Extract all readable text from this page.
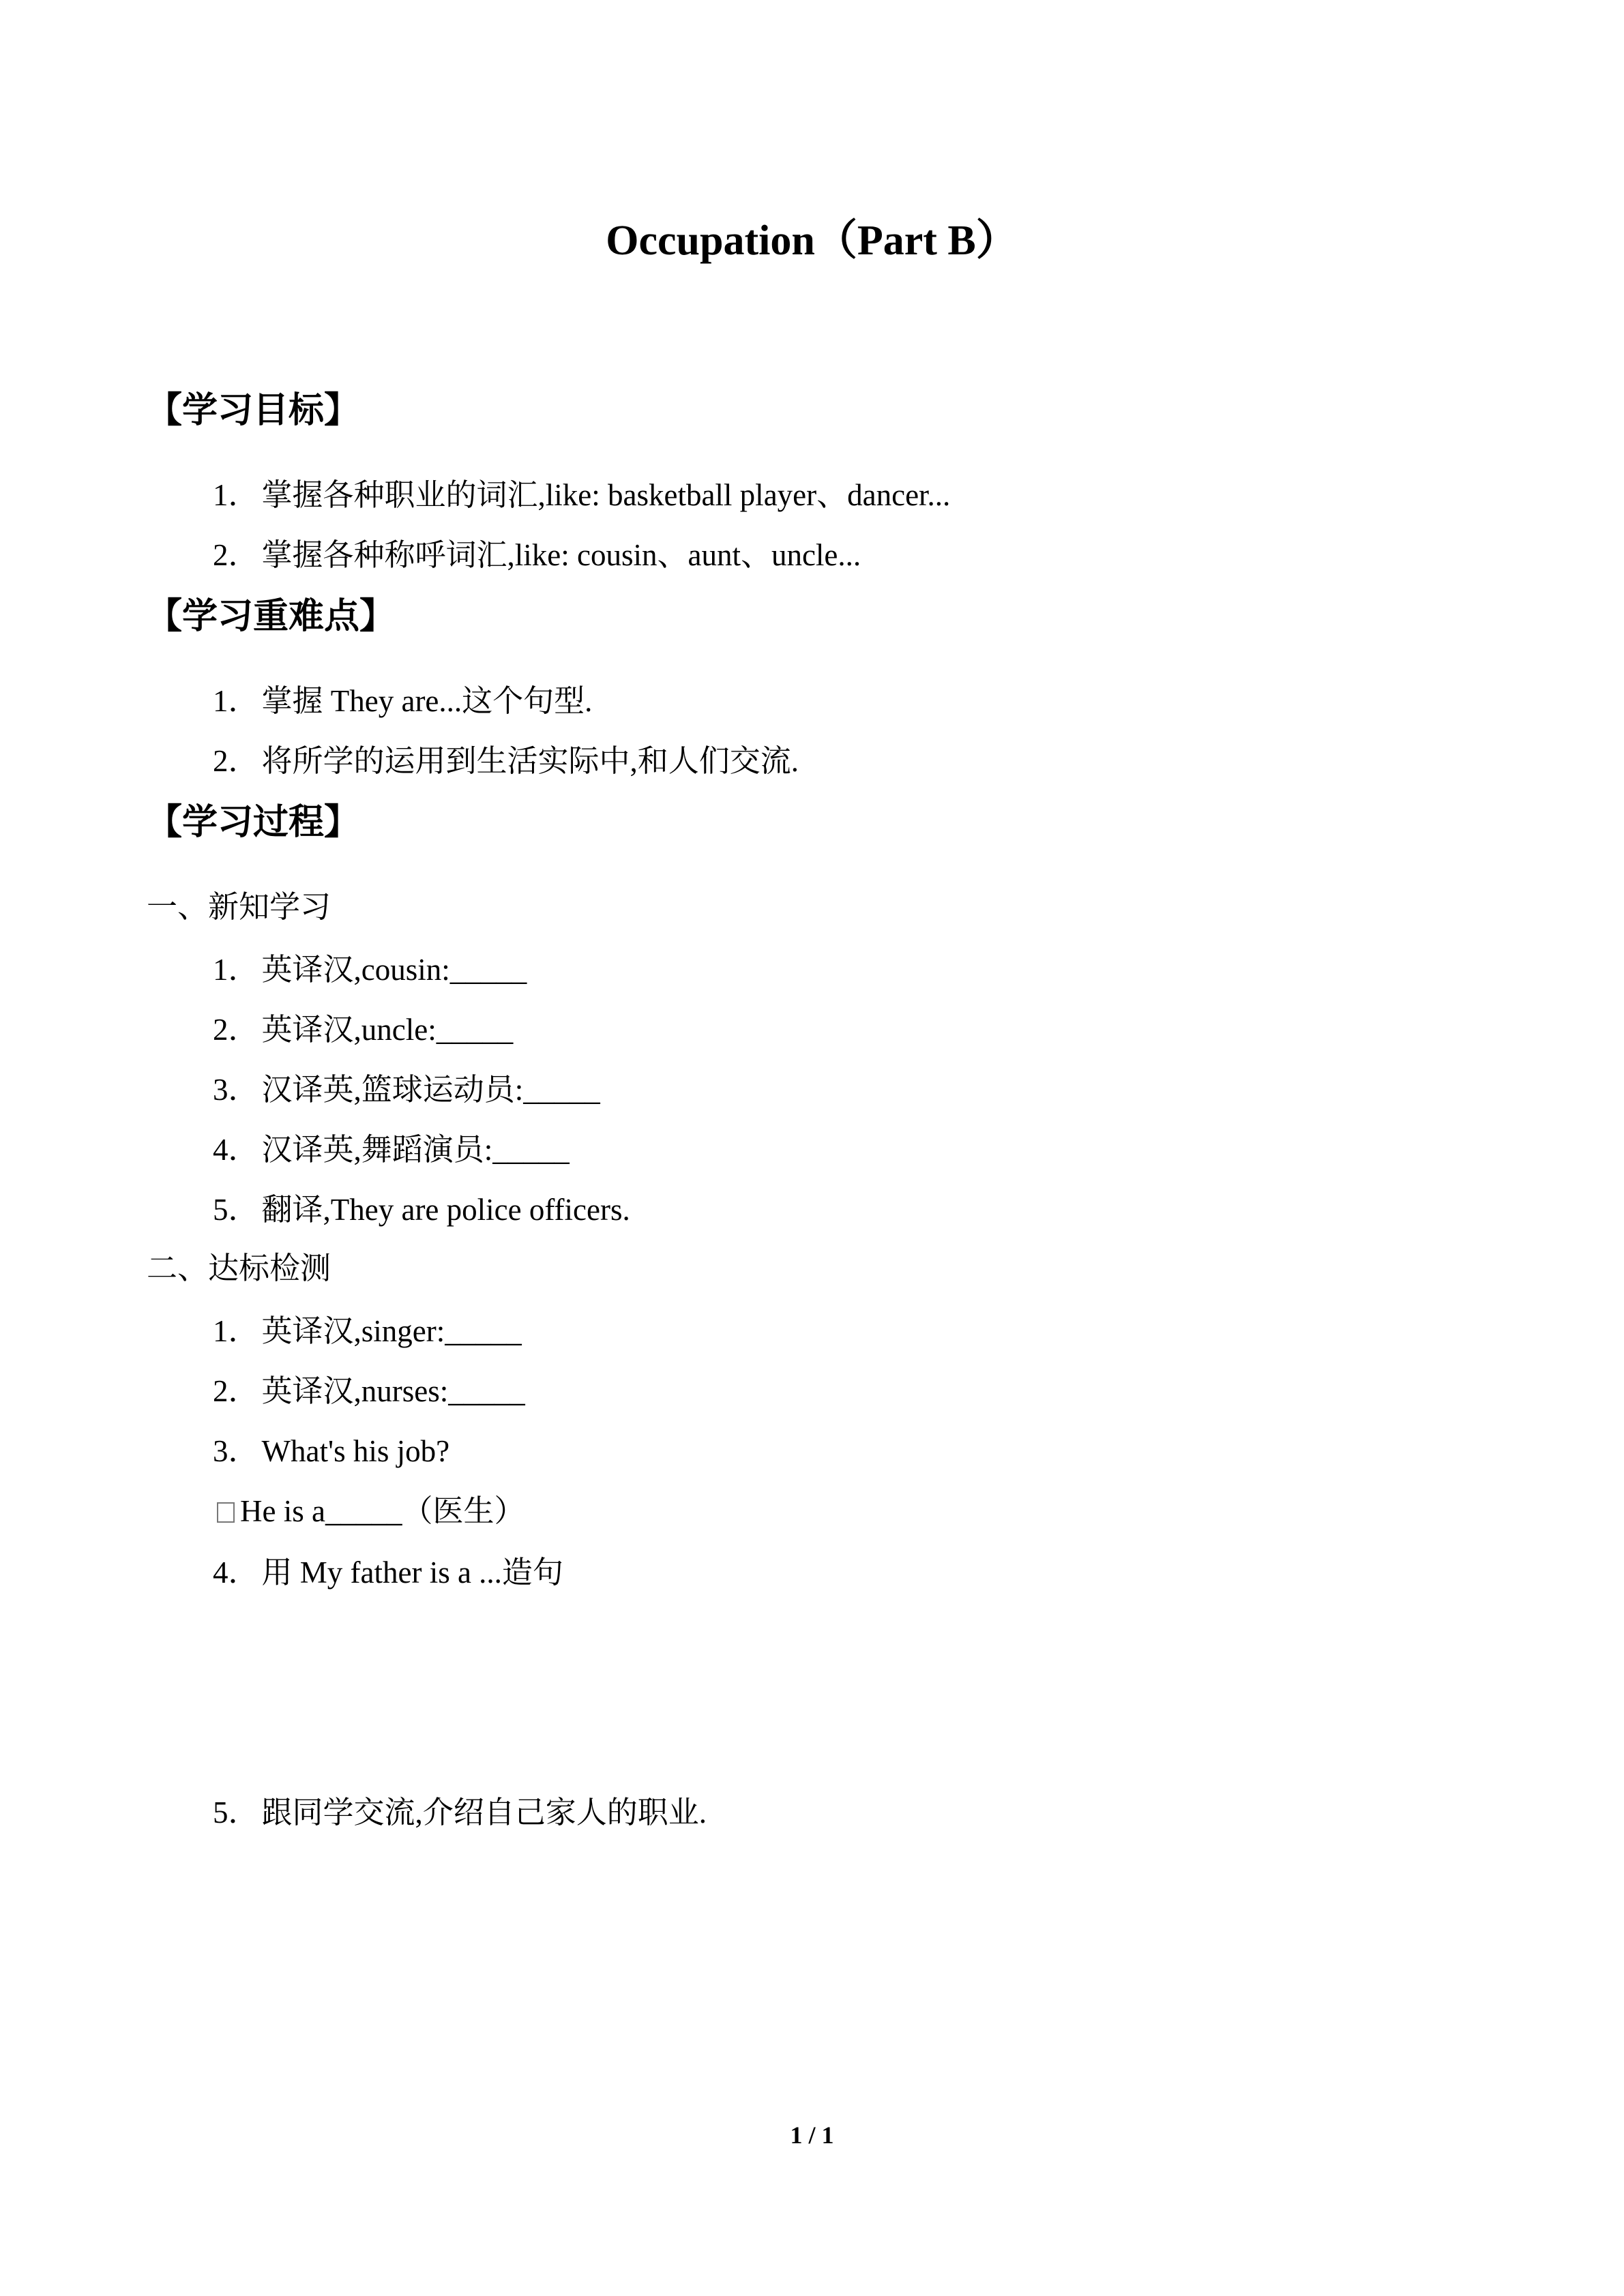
Occupation（Part B）
【学习目标】
1．掌握各种职业的词汇,like: basketball player、dancer...
2．掌握各种称呼词汇,like: cousin、aunt、uncle...
【学习重难点】
1．掌握 They are...这个句型.
2．将所学的运用到生活实际中,和人们交流.
【学习过程】
一、新知学习
1．英译汉,cousin:_____
2．英译汉,uncle:_____
3．汉译英,篮球运动员:_____
4．汉译英,舞蹈演员:_____
5．翻译,They are police officers.
二、达标检测
1．英译汉,singer:_____
2．英译汉,nurses:_____
3．What's his job?
He is a_____（医生）
4．用 My father is a ...造句
5．跟同学交流,介绍自己家人的职业.
1 / 1
